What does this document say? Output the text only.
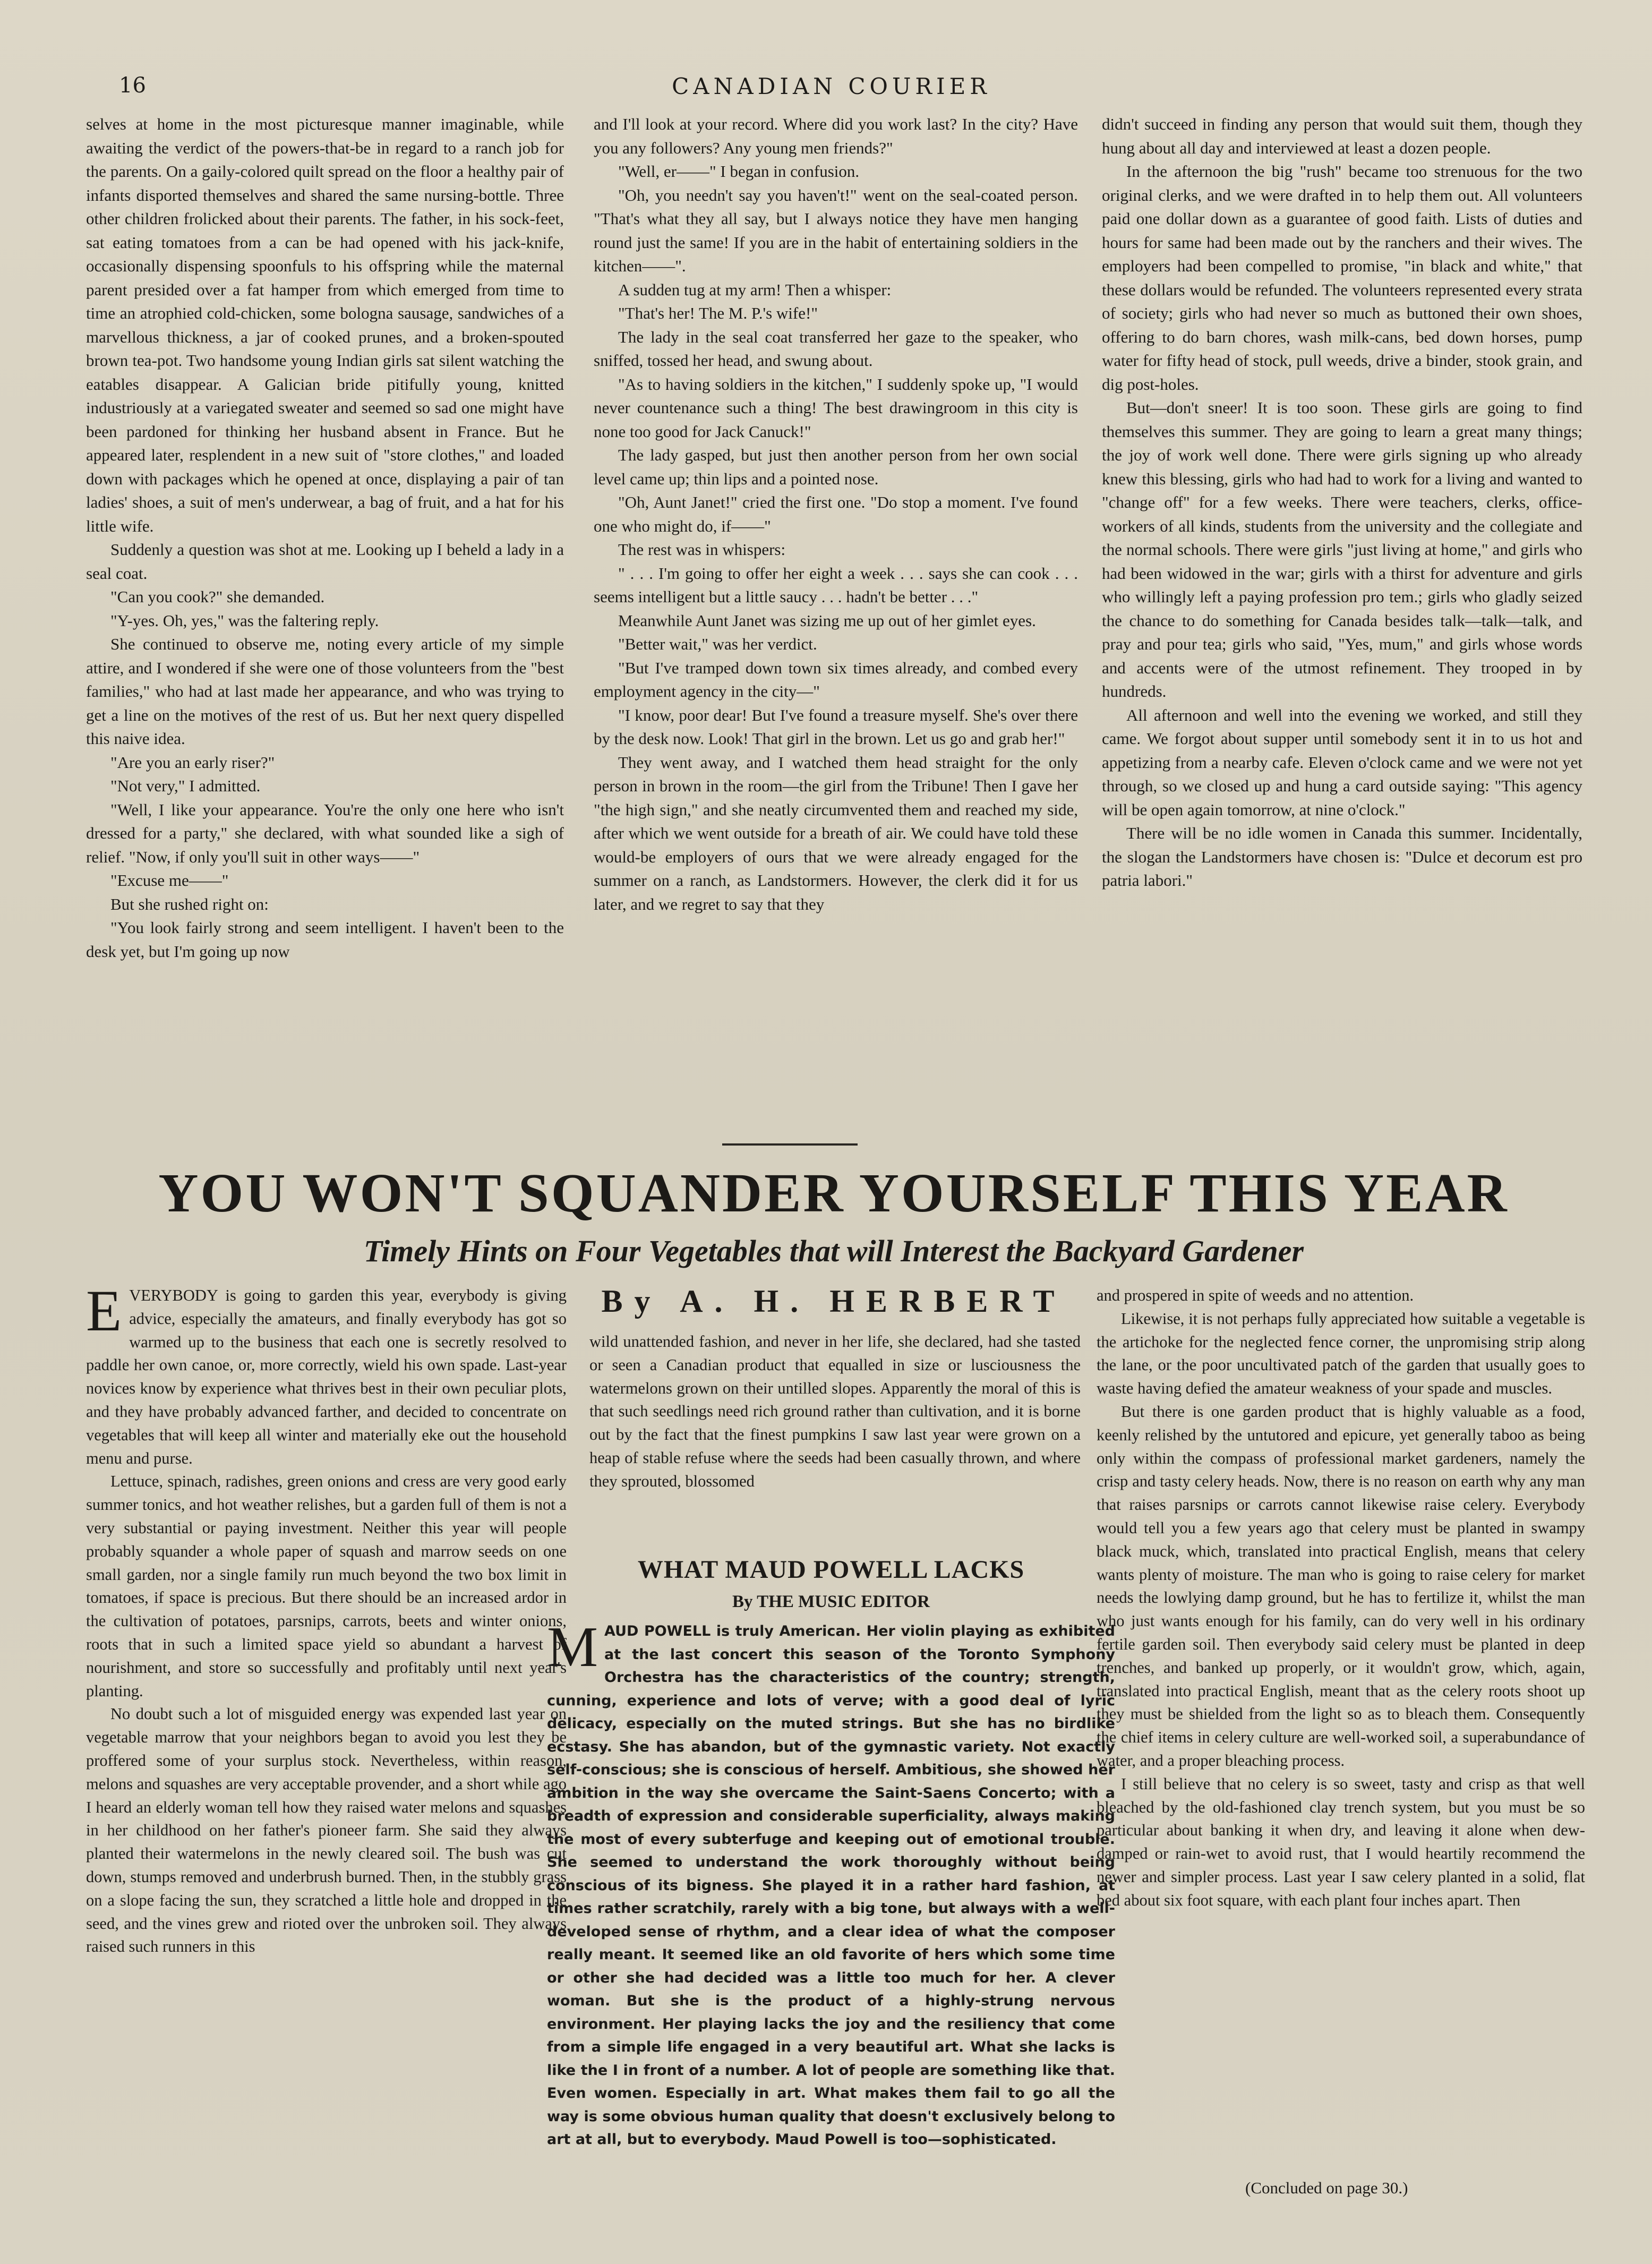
16	CANADIAN COURIER

selves at home in the most picturesque manner imaginable, while awaiting the verdict of the powers-that-be in regard to a ranch job for the parents. On a gaily-colored quilt spread on the floor a healthy pair of infants disported themselves and shared the same nursing-bottle. Three other children frolicked about their parents. The father, in his sock-feet, sat eating tomatoes from a can be had opened with his jack-knife, occasionally dispensing spoonfuls to his offspring while the maternal parent presided over a fat hamper from which emerged from time to time an atrophied cold-chicken, some bologna sausage, sandwiches of a marvellous thickness, a jar of cooked prunes, and a broken-spouted brown tea-pot. Two handsome young Indian girls sat silent watching the eatables disappear. A Galician bride pitifully young, knitted industriously at a variegated sweater and seemed so sad one might have been pardoned for thinking her husband absent in France. But he appeared later, resplendent in a new suit of "store clothes," and loaded down with packages which he opened at once, displaying a pair of tan ladies' shoes, a suit of men's underwear, a bag of fruit, and a hat for his little wife.

Suddenly a question was shot at me. Looking up I beheld a lady in a seal coat.

"Can you cook?" she demanded.

"Y-yes. Oh, yes," was the faltering reply.

She continued to observe me, noting every article of my simple attire, and I wondered if she were one of those volunteers from the "best families," who had at last made her appearance, and who was trying to get a line on the motives of the rest of us. But her next query dispelled this naive idea.

"Are you an early riser?"

"Not very," I admitted.

"Well, I like your appearance. You're the only one here who isn't dressed for a party," she declared, with what sounded like a sigh of relief. "Now, if only you'll suit in other ways——"

"Excuse me——"

But she rushed right on:

"You look fairly strong and seem intelligent. I haven't been to the desk yet, but I'm going up now

and I'll look at your record. Where did you work last? In the city? Have you any followers? Any young men friends?"

"Well, er——" I began in confusion.

"Oh, you needn't say you haven't!" went on the seal-coated person. "That's what they all say, but I always notice they have men hanging round just the same! If you are in the habit of entertaining soldiers in the kitchen——".

A sudden tug at my arm! Then a whisper:

"That's her! The M. P.'s wife!"

The lady in the seal coat transferred her gaze to the speaker, who sniffed, tossed her head, and swung about.

"As to having soldiers in the kitchen," I suddenly spoke up, "I would never countenance such a thing! The best drawingroom in this city is none too good for Jack Canuck!"

The lady gasped, but just then another person from her own social level came up; thin lips and a pointed nose.

"Oh, Aunt Janet!" cried the first one. "Do stop a moment. I've found one who might do, if——"

The rest was in whispers:

" . . . I'm going to offer her eight a week . . . says she can cook . . . seems intelligent but a little saucy . . . hadn't be better . . ."

Meanwhile Aunt Janet was sizing me up out of her gimlet eyes.

"Better wait," was her verdict.

"But I've tramped down town six times already, and combed every employment agency in the city—"

"I know, poor dear! But I've found a treasure myself. She's over there by the desk now. Look! That girl in the brown. Let us go and grab her!"

They went away, and I watched them head straight for the only person in brown in the room—the girl from the Tribune! Then I gave her "the high sign," and she neatly circumvented them and reached my side, after which we went outside for a breath of air. We could have told these would-be employers of ours that we were already engaged for the summer on a ranch, as Landstormers. However, the clerk did it for us later, and we regret to say that they

didn't succeed in finding any person that would suit them, though they hung about all day and interviewed at least a dozen people.

In the afternoon the big "rush" became too strenuous for the two original clerks, and we were drafted in to help them out. All volunteers paid one dollar down as a guarantee of good faith. Lists of duties and hours for same had been made out by the ranchers and their wives. The employers had been compelled to promise, "in black and white," that these dollars would be refunded. The volunteers represented every strata of society; girls who had never so much as buttoned their own shoes, offering to do barn chores, wash milk-cans, bed down horses, pump water for fifty head of stock, pull weeds, drive a binder, stook grain, and dig post-holes.

But—don't sneer! It is too soon. These girls are going to find themselves this summer. They are going to learn a great many things; the joy of work well done. There were girls signing up who already knew this blessing, girls who had had to work for a living and wanted to "change off" for a few weeks. There were teachers, clerks, office-workers of all kinds, students from the university and the collegiate and the normal schools. There were girls "just living at home," and girls who had been widowed in the war; girls with a thirst for adventure and girls who willingly left a paying profession pro tem.; girls who gladly seized the chance to do something for Canada besides talk—talk—talk, and pray and pour tea; girls who said, "Yes, mum," and girls whose words and accents were of the utmost refinement. They trooped in by hundreds.

All afternoon and well into the evening we worked, and still they came. We forgot about supper until somebody sent it in to us hot and appetizing from a nearby cafe. Eleven o'clock came and we were not yet through, so we closed up and hung a card outside saying: "This agency will be open again tomorrow, at nine o'clock."

There will be no idle women in Canada this summer. Incidentally, the slogan the Landstormers have chosen is: "Dulce et decorum est pro patria labori."

YOU WON'T SQUANDER YOURSELF THIS YEAR
Timely Hints on Four Vegetables that will Interest the Backyard Gardener

EVERYBODY is going to garden this year, everybody is giving advice, especially the amateurs, and finally everybody has got so warmed up to the business that each one is secretly resolved to paddle her own canoe, or, more correctly, wield his own spade. Last-year novices know by experience what thrives best in their own peculiar plots, and they have probably advanced farther, and decided to concentrate on vegetables that will keep all winter and materially eke out the household menu and purse.

Lettuce, spinach, radishes, green onions and cress are very good early summer tonics, and hot weather relishes, but a garden full of them is not a very substantial or paying investment. Neither this year will people probably squander a whole paper of squash and marrow seeds on one small garden, nor a single family run much beyond the two box limit in tomatoes, if space is precious. But there should be an increased ardor in the cultivation of potatoes, parsnips, carrots, beets and winter onions, roots that in such a limited space yield so abundant a harvest of nourishment, and store so successfully and profitably until next year's planting.

No doubt such a lot of misguided energy was expended last year on vegetable marrow that your neighbors began to avoid you lest they be proffered some of your surplus stock. Nevertheless, within reason, melons and squashes are very acceptable provender, and a short while ago I heard an elderly woman tell how they raised water melons and squashes in her childhood on her father's pioneer farm. She said they always planted their watermelons in the newly cleared soil. The bush was cut down, stumps removed and underbrush burned. Then, in the stubbly grass on a slope facing the sun, they scratched a little hole and dropped in the seed, and the vines grew and rioted over the unbroken soil. They always raised such runners in this

By A. H. HERBERT

wild unattended fashion, and never in her life, she declared, had she tasted or seen a Canadian product that equalled in size or lusciousness the watermelons grown on their untilled slopes. Apparently the moral of this is that such seedlings need rich ground rather than cultivation, and it is borne out by the fact that the finest pumpkins I saw last year were grown on a heap of stable refuse where the seeds had been casually thrown, and where they sprouted, blossomed

WHAT MAUD POWELL LACKS
By THE MUSIC EDITOR

MAUD POWELL is truly American. Her violin playing as exhibited at the last concert this season of the Toronto Symphony Orchestra has the characteristics of the country; strength, cunning, experience and lots of verve; with a good deal of lyric delicacy, especially on the muted strings. But she has no birdlike ecstasy. She has abandon, but of the gymnastic variety. Not exactly self-conscious; she is conscious of herself. Ambitious, she showed her ambition in the way she overcame the Saint-Saens Concerto; with a breadth of expression and considerable superficiality, always making the most of every subterfuge and keeping out of emotional trouble. She seemed to understand the work thoroughly without being conscious of its bigness. She played it in a rather hard fashion, at times rather scratchily, rarely with a big tone, but always with a well-developed sense of rhythm, and a clear idea of what the composer really meant. It seemed like an old favorite of hers which some time or other she had decided was a little too much for her. A clever woman. But she is the product of a highly-strung nervous environment. Her playing lacks the joy and the resiliency that come from a simple life engaged in a very beautiful art. What she lacks is like the I in front of a number. A lot of people are something like that. Even women. Especially in art. What makes them fail to go all the way is some obvious human quality that doesn't exclusively belong to art at all, but to everybody. Maud Powell is too—sophisticated.

and prospered in spite of weeds and no attention.

Likewise, it is not perhaps fully appreciated how suitable a vegetable is the artichoke for the neglected fence corner, the unpromising strip along the lane, or the poor uncultivated patch of the garden that usually goes to waste having defied the amateur weakness of your spade and muscles.

But there is one garden product that is highly valuable as a food, keenly relished by the untutored and epicure, yet generally taboo as being only within the compass of professional market gardeners, namely the crisp and tasty celery heads. Now, there is no reason on earth why any man that raises parsnips or carrots cannot likewise raise celery. Everybody would tell you a few years ago that celery must be planted in swampy black muck, which, translated into practical English, means that celery wants plenty of moisture. The man who is going to raise celery for market needs the lowlying damp ground, but he has to fertilize it, whilst the man who just wants enough for his family, can do very well in his ordinary fertile garden soil. Then everybody said celery must be planted in deep trenches, and banked up properly, or it wouldn't grow, which, again, translated into practical English, meant that as the celery roots shoot up they must be shielded from the light so as to bleach them. Consequently the chief items in celery culture are well-worked soil, a superabundance of water, and a proper bleaching process.

I still believe that no celery is so sweet, tasty and crisp as that well bleached by the old-fashioned clay trench system, but you must be so particular about banking it when dry, and leaving it alone when dew-damped or rain-wet to avoid rust, that I would heartily recommend the newer and simpler process. Last year I saw celery planted in a solid, flat bed about six foot square, with each plant four inches apart. Then

(Concluded on page 30.)
